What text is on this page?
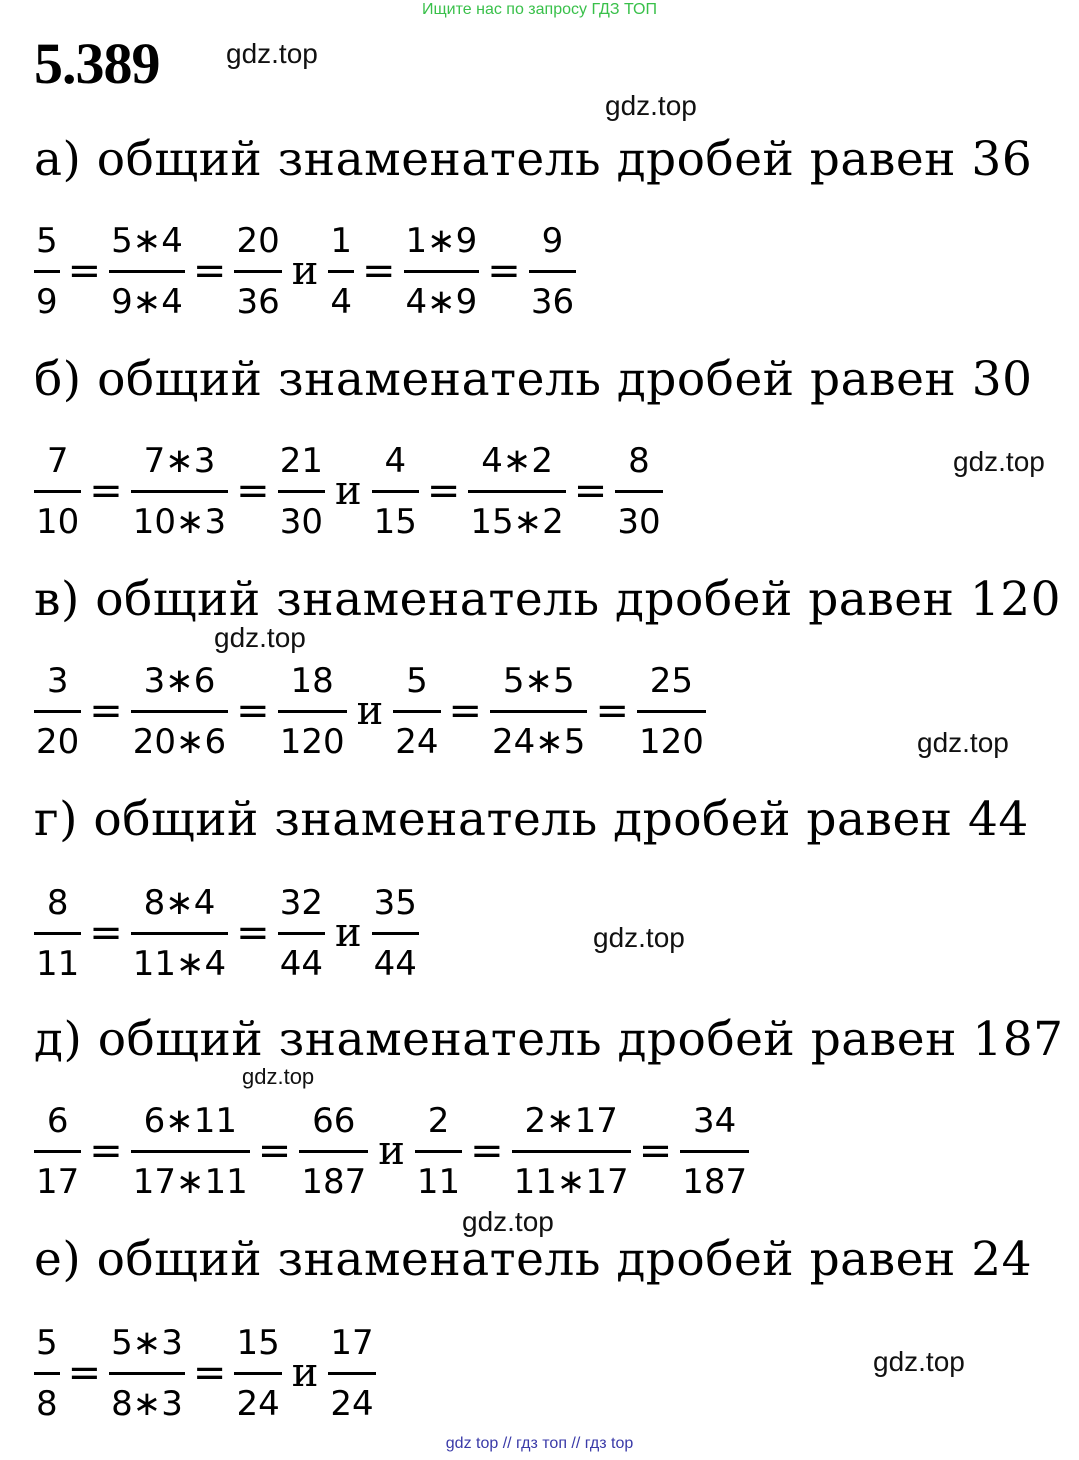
Ищите нас по запросу ГДЗ ТОП
5.389 gdz.top
gdz.top
gdz.top
gdz.top
gdz.top
gdz.top
gdz.top
gdz.top
gdz.top
а) общий знаменатель дробей равен 36
$\frac{5}{9} = \frac{5∗4}{9∗4} = \frac{20}{36}$ и $\frac{1}{4} = \frac{1∗9}{4∗9} = \frac{9}{36}$
б) общий знаменатель дробей равен 30
$\frac{7}{10} = \frac{7∗3}{10∗3} = \frac{21}{30}$ и $\frac{4}{15} = \frac{4∗2}{15∗2} = \frac{8}{30}$
в) общий знаменатель дробей равен 120
$\frac{3}{20} = \frac{3∗6}{20∗6} = \frac{18}{120}$ и $\frac{5}{24} = \frac{5∗5}{24∗5} = \frac{25}{120}$
г) общий знаменатель дробей равен 44
$\frac{8}{11} = \frac{8∗4}{11∗4} = \frac{32}{44}$ и $\frac{35}{44}$
д) общий знаменатель дробей равен 187
$\frac{6}{17} = \frac{6∗11}{17∗11} = \frac{66}{187}$ и $\frac{2}{11} = \frac{2∗17}{11∗17} = \frac{34}{187}$
е) общий знаменатель дробей равен 24
$\frac{5}{8} = \frac{5∗3}{8∗3} = \frac{15}{24}$ и $\frac{17}{24}$
gdz top // гдз топ // гдз top
